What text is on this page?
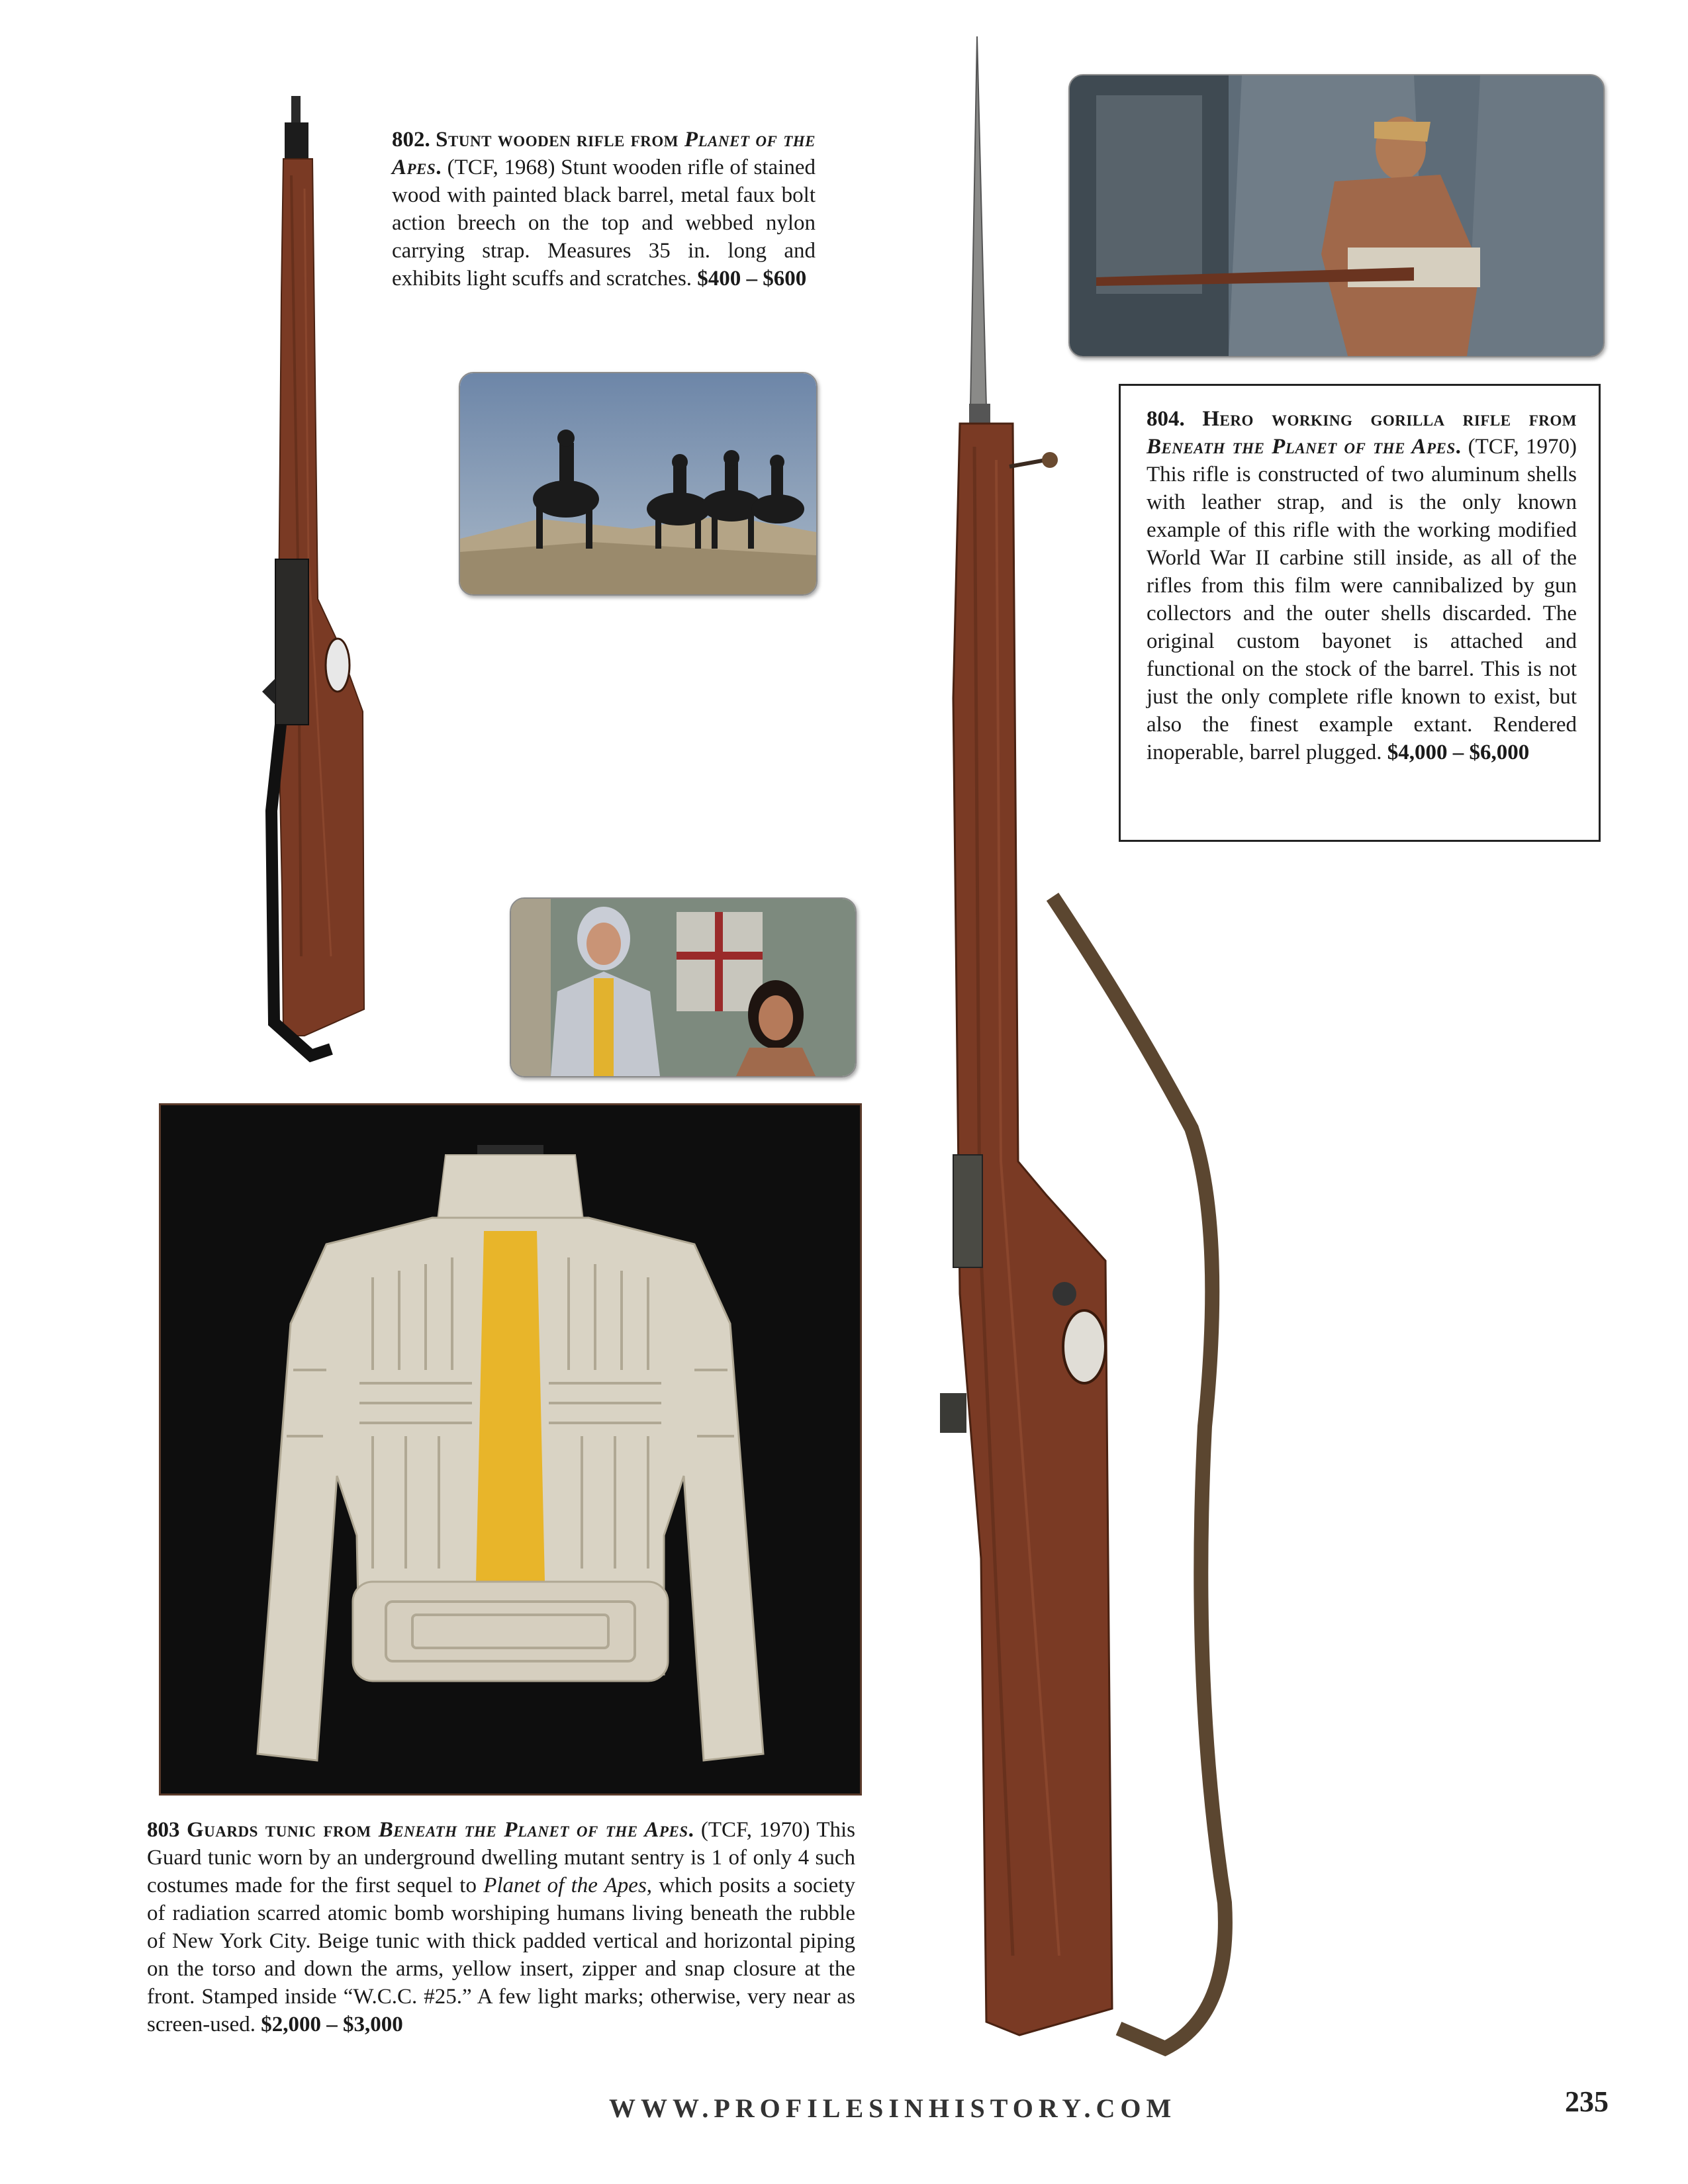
802. Stunt wooden rifle from Planet of the Apes. (TCF, 1968) Stunt wooden rifle of stained wood with painted black barrel, metal faux bolt action breech on the top and webbed nylon carrying strap. Measures 35 in. long and exhibits light scuffs and scratches. $400 – $600
803 Guards tunic from Beneath the Planet of the Apes. (TCF, 1970) This Guard tunic worn by an underground dwelling mutant sentry is 1 of only 4 such costumes made for the first sequel to Planet of the Apes, which posits a society of radiation scarred atomic bomb worshiping humans living beneath the rubble of New York City. Beige tunic with thick padded vertical and horizontal piping on the torso and down the arms, yellow insert, zipper and snap closure at the front. Stamped inside “W.C.C. #25.” A few light marks; otherwise, very near as screen-used. $2,000 – $3,000
804. Hero working gorilla rifle from Beneath the Planet of the Apes. (TCF, 1970) This rifle is constructed of two aluminum shells with leather strap, and is the only known example of this rifle with the working modified World War II carbine still inside, as all of the rifles from this film were cannibalized by gun collectors and the outer shells discarded. The original custom bayonet is attached and functional on the stock of the barrel. This is not just the only complete rifle known to exist, but also the finest example extant. Rendered inoperable, barrel plugged. $4,000 – $6,000
WWW.PROFILESINHISTORY.COM	235
